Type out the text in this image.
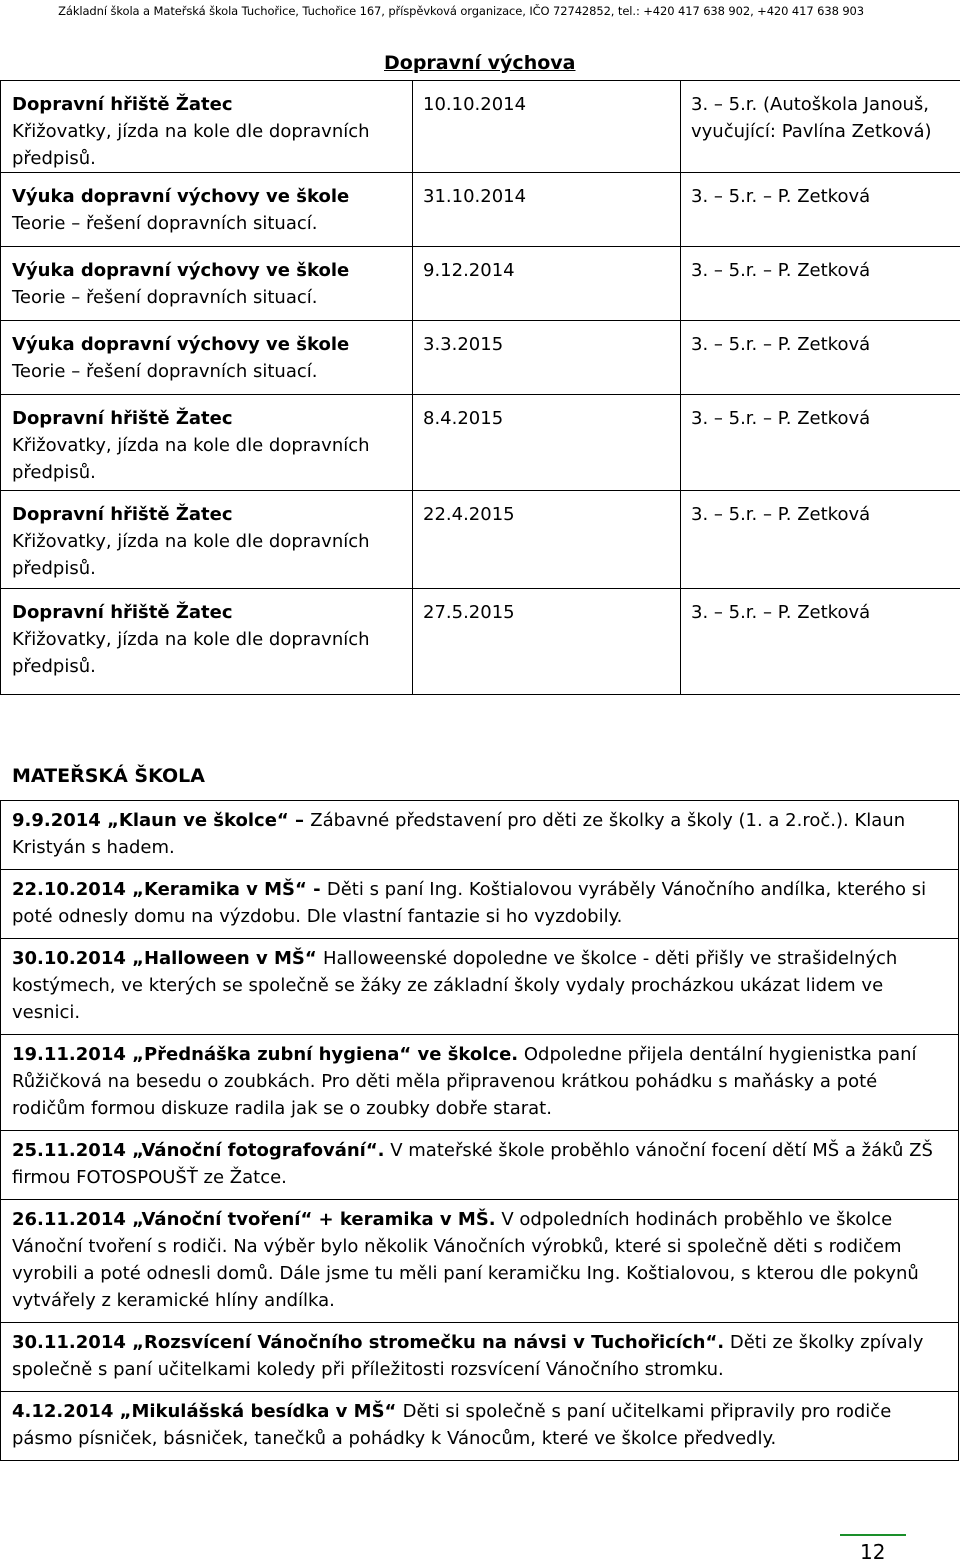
Základní škola a Mateřská škola Tuchořice, Tuchořice 167, příspěvková organizace, IČO 72742852, tel.: +420 417 638 902, +420 417 638 903
Dopravní výchova
Dopravní hřiště Žatec
Křižovatky, jízda na kole dle dopravních předpisů.	10.10.2014	3. – 5.r. (Autoškola Janouš, vyučující: Pavlína Zetková)

Výuka dopravní výchovy ve škole
Teorie – řešení dopravních situací.	31.10.2014	3. – 5.r. – P. Zetková

Výuka dopravní výchovy ve škole
Teorie – řešení dopravních situací.	9.12.2014	3. – 5.r. – P. Zetková

Výuka dopravní výchovy ve škole
Teorie – řešení dopravních situací.	3.3.2015	3. – 5.r. – P. Zetková

Dopravní hřiště Žatec
Křižovatky, jízda na kole dle dopravních předpisů.	8.4.2015	3. – 5.r. – P. Zetková

Dopravní hřiště Žatec
Křižovatky, jízda na kole dle dopravních předpisů.	22.4.2015	3. – 5.r. – P. Zetková

Dopravní hřiště Žatec
Křižovatky, jízda na kole dle dopravních předpisů.	27.5.2015	3. – 5.r. – P. Zetková
MATEŘSKÁ ŠKOLA
9.9.2014 „Klaun ve školce“ – Zábavné představení pro děti ze školky a školy (1. a 2.roč.). Klaun Kristyán s hadem.
22.10.2014 „Keramika v MŠ“ - Děti s paní Ing. Koštialovou vyráběly Vánočního andílka, kterého si poté odnesly domu na výzdobu. Dle vlastní fantazie si ho vyzdobily.
30.10.2014 „Halloween v MŠ“ Halloweenské dopoledne ve školce - děti přišly ve strašidelných kostýmech, ve kterých se společně se žáky ze základní školy vydaly procházkou ukázat lidem ve vesnici.
19.11.2014 „Přednáška zubní hygiena“ ve školce. Odpoledne přijela dentální hygienistka paní Růžičková na besedu o zoubkách. Pro děti měla připravenou krátkou pohádku s maňásky a poté rodičům formou diskuze radila jak se o zoubky dobře starat.
25.11.2014 „Vánoční fotografování“. V mateřské škole proběhlo vánoční focení dětí MŠ a žáků ZŠ firmou FOTOSPOUŠŤ ze Žatce.
26.11.2014 „Vánoční tvoření“ + keramika v MŠ. V odpoledních hodinách proběhlo ve školce Vánoční tvoření s rodiči. Na výběr bylo několik Vánočních výrobků, které si společně děti s rodičem vyrobili a poté odnesli domů. Dále jsme tu měli paní keramičku Ing. Koštialovou, s kterou dle pokynů vytvářely z keramické hlíny andílka.
30.11.2014 „Rozsvícení Vánočního stromečku na návsi v Tuchořicích“. Děti ze školky zpívaly společně s paní učitelkami koledy při příležitosti rozsvícení Vánočního stromku.
4.12.2014 „Mikulášská besídka v MŠ“ Děti si společně s paní učitelkami připravily pro rodiče pásmo písniček, básniček, tanečků a pohádky k Vánocům, které ve školce předvedly.
12
